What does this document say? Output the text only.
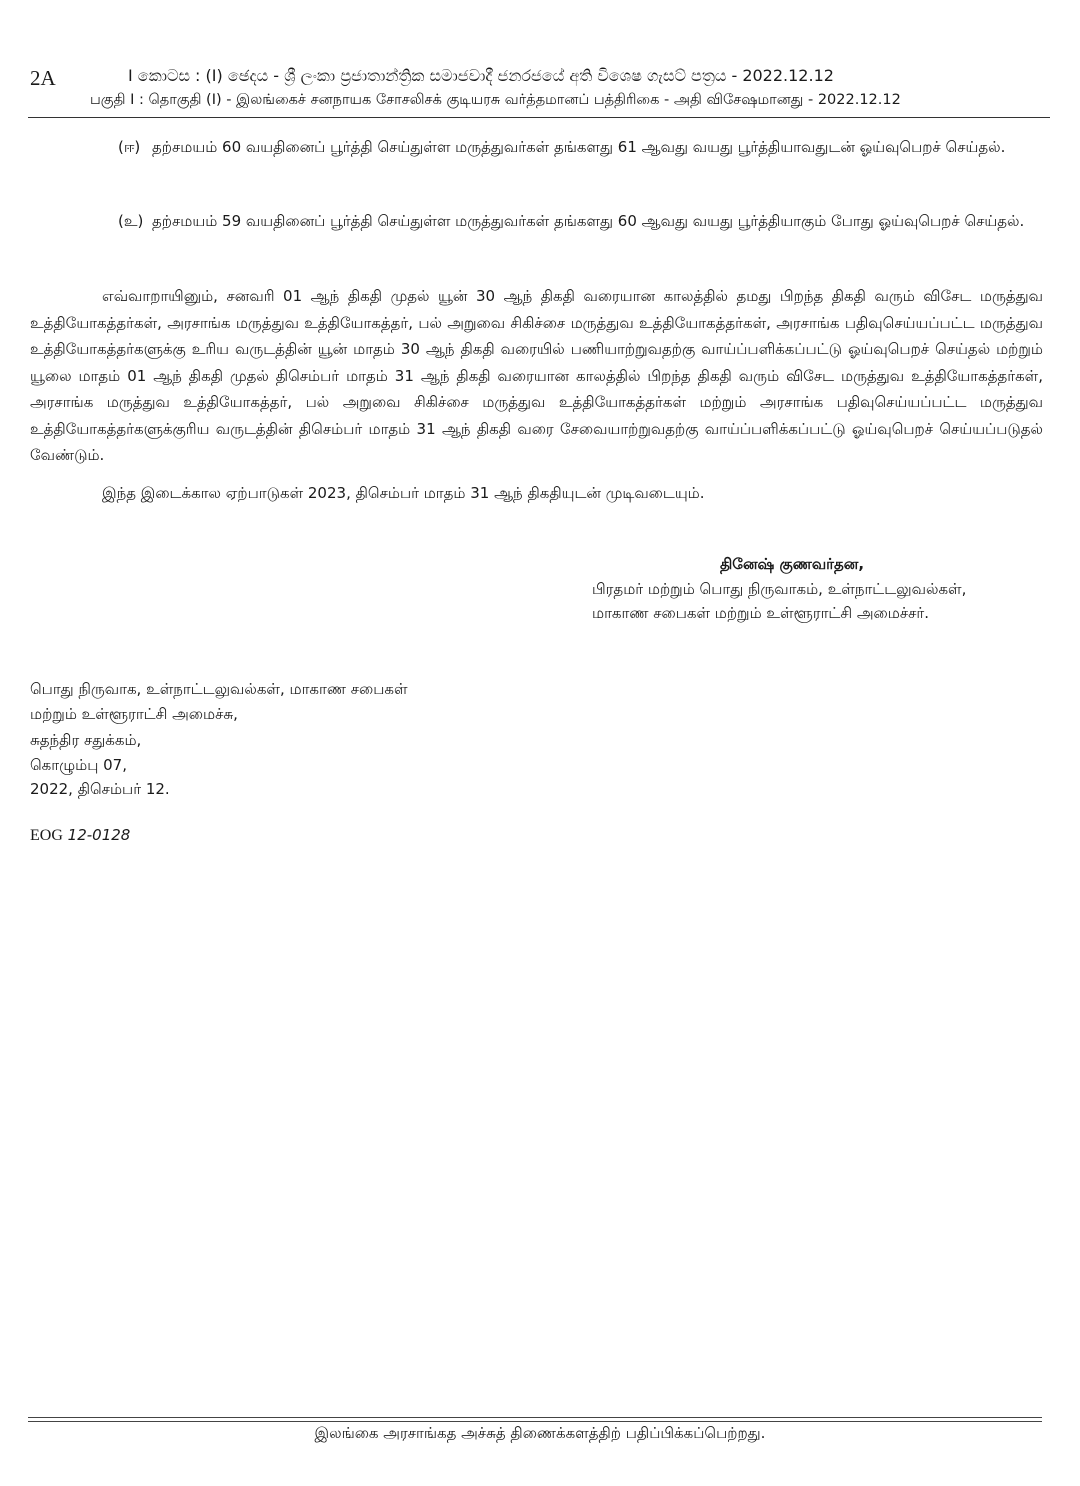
2A	I කොටස : (I) ඡෙදය - ශ්‍රී ලංකා ප්‍රජාතාන්ත්‍රික සමාජවාදී ජනරජයේ අති විශෙෂ ගැසට් පත්‍රය - 2022.12.12
பகுதி I : தொகுதி (I) - இலங்கைச் சனநாயக சோசலிசக் குடியரசு வர்த்தமானப் பத்திரிகை - அதி விசேஷமானது - 2022.12.12
(ஈ) தற்சமயம் 60 வயதினைப் பூர்த்தி செய்துள்ள மருத்துவர்கள் தங்களது 61 ஆவது வயது பூர்த்தியாவதுடன் ஓய்வுபெறச் செய்தல்.
(உ) தற்சமயம் 59 வயதினைப் பூர்த்தி செய்துள்ள மருத்துவர்கள் தங்களது 60 ஆவது வயது பூர்த்தியாகும் போது ஓய்வுபெறச் செய்தல்.
எவ்வாறாயினும், சனவரி 01 ஆந் திகதி முதல் யூன் 30 ஆந் திகதி வரையான காலத்தில் தமது பிறந்த திகதி வரும் விசேட மருத்துவ உத்தியோகத்தர்கள், அரசாங்க மருத்துவ உத்தியோகத்தர், பல் அறுவை சிகிச்சை மருத்துவ உத்தியோகத்தர்கள், அரசாங்க பதிவுசெய்யப்பட்ட மருத்துவ உத்தியோகத்தர்களுக்கு உரிய வருடத்தின் யூன் மாதம் 30 ஆந் திகதி வரையில் பணியாற்றுவதற்கு வாய்ப்பளிக்கப்பட்டு ஓய்வுபெறச் செய்தல் மற்றும் யூலை மாதம் 01 ஆந் திகதி முதல் திசெம்பர் மாதம் 31 ஆந் திகதி வரையான காலத்தில் பிறந்த திகதி வரும் விசேட மருத்துவ உத்தியோகத்தர்கள், அரசாங்க மருத்துவ உத்தியோகத்தர், பல் அறுவை சிகிச்சை மருத்துவ உத்தியோகத்தர்கள் மற்றும் அரசாங்க பதிவுசெய்யப்பட்ட மருத்துவ உத்தியோகத்தர்களுக்குரிய வருடத்தின் திசெம்பர் மாதம் 31 ஆந் திகதி வரை சேவையாற்றுவதற்கு வாய்ப்பளிக்கப்பட்டு ஓய்வுபெறச் செய்யப்படுதல் வேண்டும்.
இந்த இடைக்கால ஏற்பாடுகள் 2023, திசெம்பர் மாதம் 31 ஆந் திகதியுடன் முடிவடையும்.
தினேஷ் குணவர்தன,
பிரதமர் மற்றும் பொது நிருவாகம், உள்நாட்டலுவல்கள்,
மாகாண சபைகள் மற்றும் உள்ளூராட்சி அமைச்சர்.
பொது நிருவாக, உள்நாட்டலுவல்கள், மாகாண சபைகள்
மற்றும் உள்ளூராட்சி அமைச்சு,
சுதந்திர சதுக்கம்,
கொழும்பு 07,
2022, திசெம்பர் 12.
EOG 12-0128
இலங்கை அரசாங்கத அச்சுத் திணைக்களத்திற் பதிப்பிக்கப்பெற்றது.
